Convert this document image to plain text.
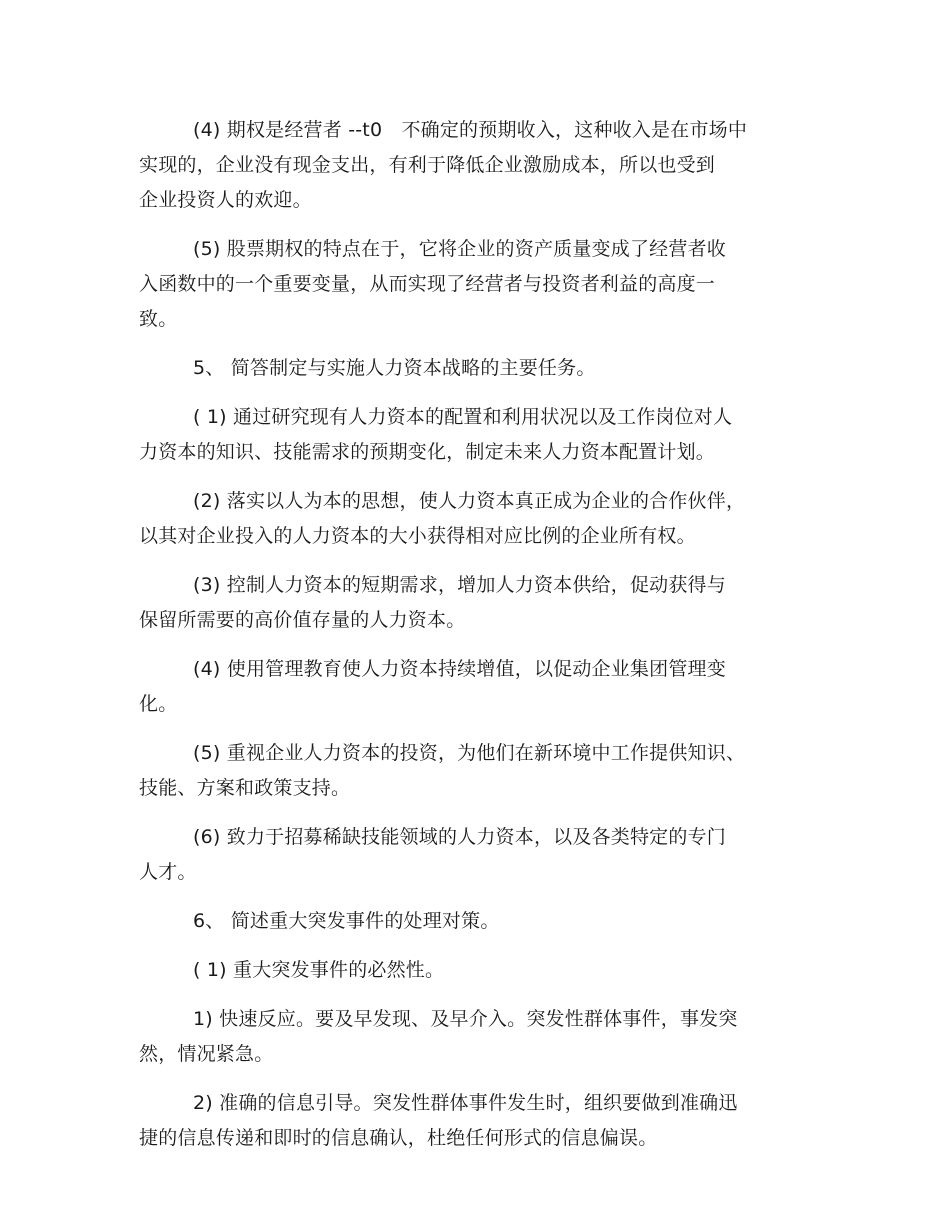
(4) 期权是经营者 --t0　不确定的预期收入，这种收入是在市场中
实现的，企业没有现金支出，有利于降低企业激励成本，所以也受到
企业投资人的欢迎。

(5) 股票期权的特点在于，它将企业的资产质量变成了经营者收
入函数中的一个重要变量，从而实现了经营者与投资者利益的高度一
致。

5、 简答制定与实施人力资本战略的主要任务。

( 1) 通过研究现有人力资本的配置和利用状况以及工作岗位对人
力资本的知识、技能需求的预期变化，制定未来人力资本配置计划。

(2) 落实以人为本的思想，使人力资本真正成为企业的合作伙伴，
以其对企业投入的人力资本的大小获得相对应比例的企业所有权。

(3) 控制人力资本的短期需求，增加人力资本供给，促动获得与
保留所需要的高价值存量的人力资本。

(4) 使用管理教育使人力资本持续增值，以促动企业集团管理变
化。

(5) 重视企业人力资本的投资，为他们在新环境中工作提供知识、
技能、方案和政策支持。

(6) 致力于招募稀缺技能领域的人力资本，以及各类特定的专门
人才。

6、 简述重大突发事件的处理对策。

( 1) 重大突发事件的必然性。

1) 快速反应。要及早发现、及早介入。突发性群体事件，事发突
然，情况紧急。

2) 准确的信息引导。突发性群体事件发生时，组织要做到准确迅
捷的信息传递和即时的信息确认，杜绝任何形式的信息偏误。
